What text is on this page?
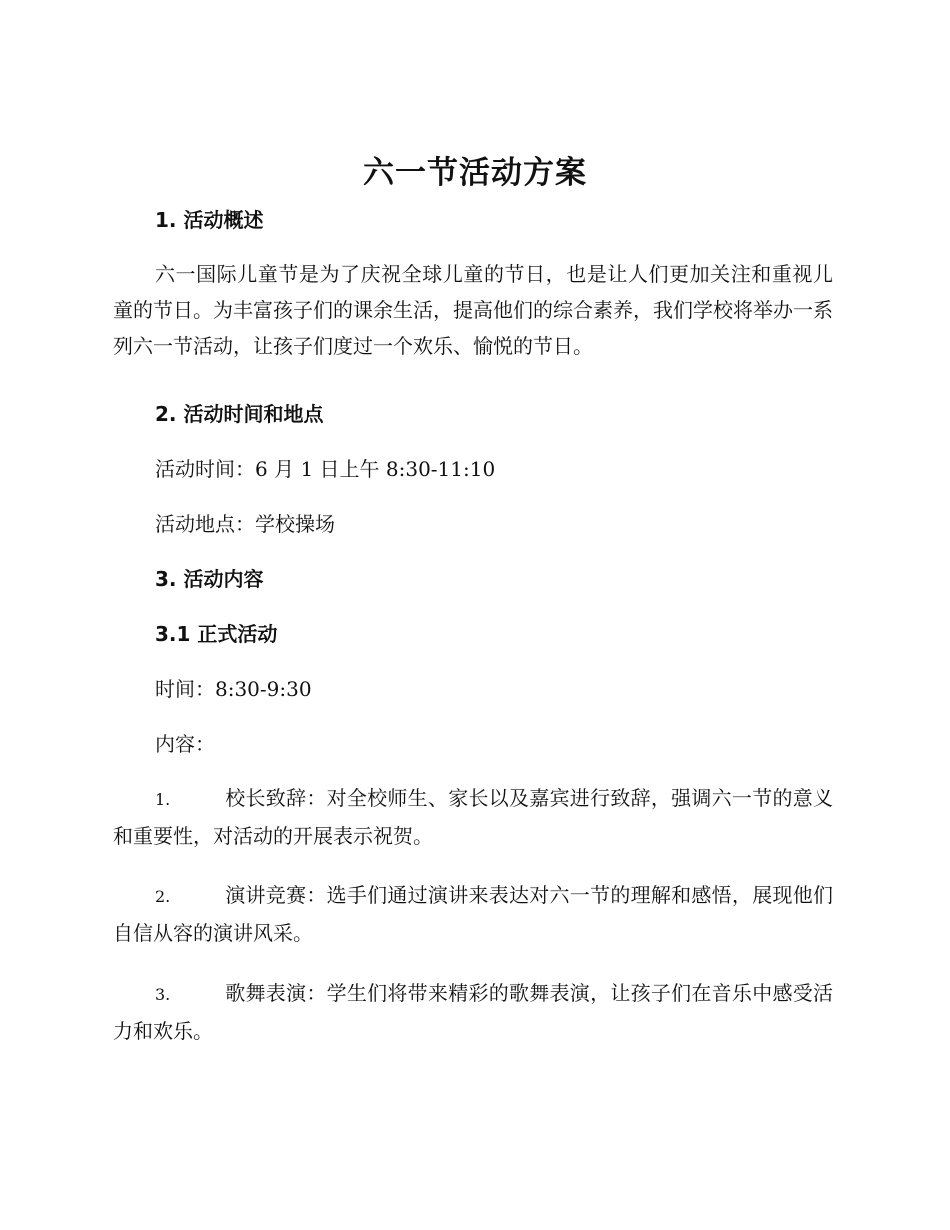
六一节活动方案
1. 活动概述
六一国际儿童节是为了庆祝全球儿童的节日，也是让人们更加关注和重视儿童的节日。为丰富孩子们的课余生活，提高他们的综合素养，我们学校将举办一系列六一节活动，让孩子们度过一个欢乐、愉悦的节日。
2. 活动时间和地点
活动时间：6 月 1 日上午 8:30-11:10
活动地点：学校操场
3. 活动内容
3.1 正式活动
时间：8:30-9:30
内容：
1.	校长致辞：对全校师生、家长以及嘉宾进行致辞，强调六一节的意义和重要性，对活动的开展表示祝贺。
2.	演讲竞赛：选手们通过演讲来表达对六一节的理解和感悟，展现他们自信从容的演讲风采。
3.	歌舞表演：学生们将带来精彩的歌舞表演，让孩子们在音乐中感受活力和欢乐。
